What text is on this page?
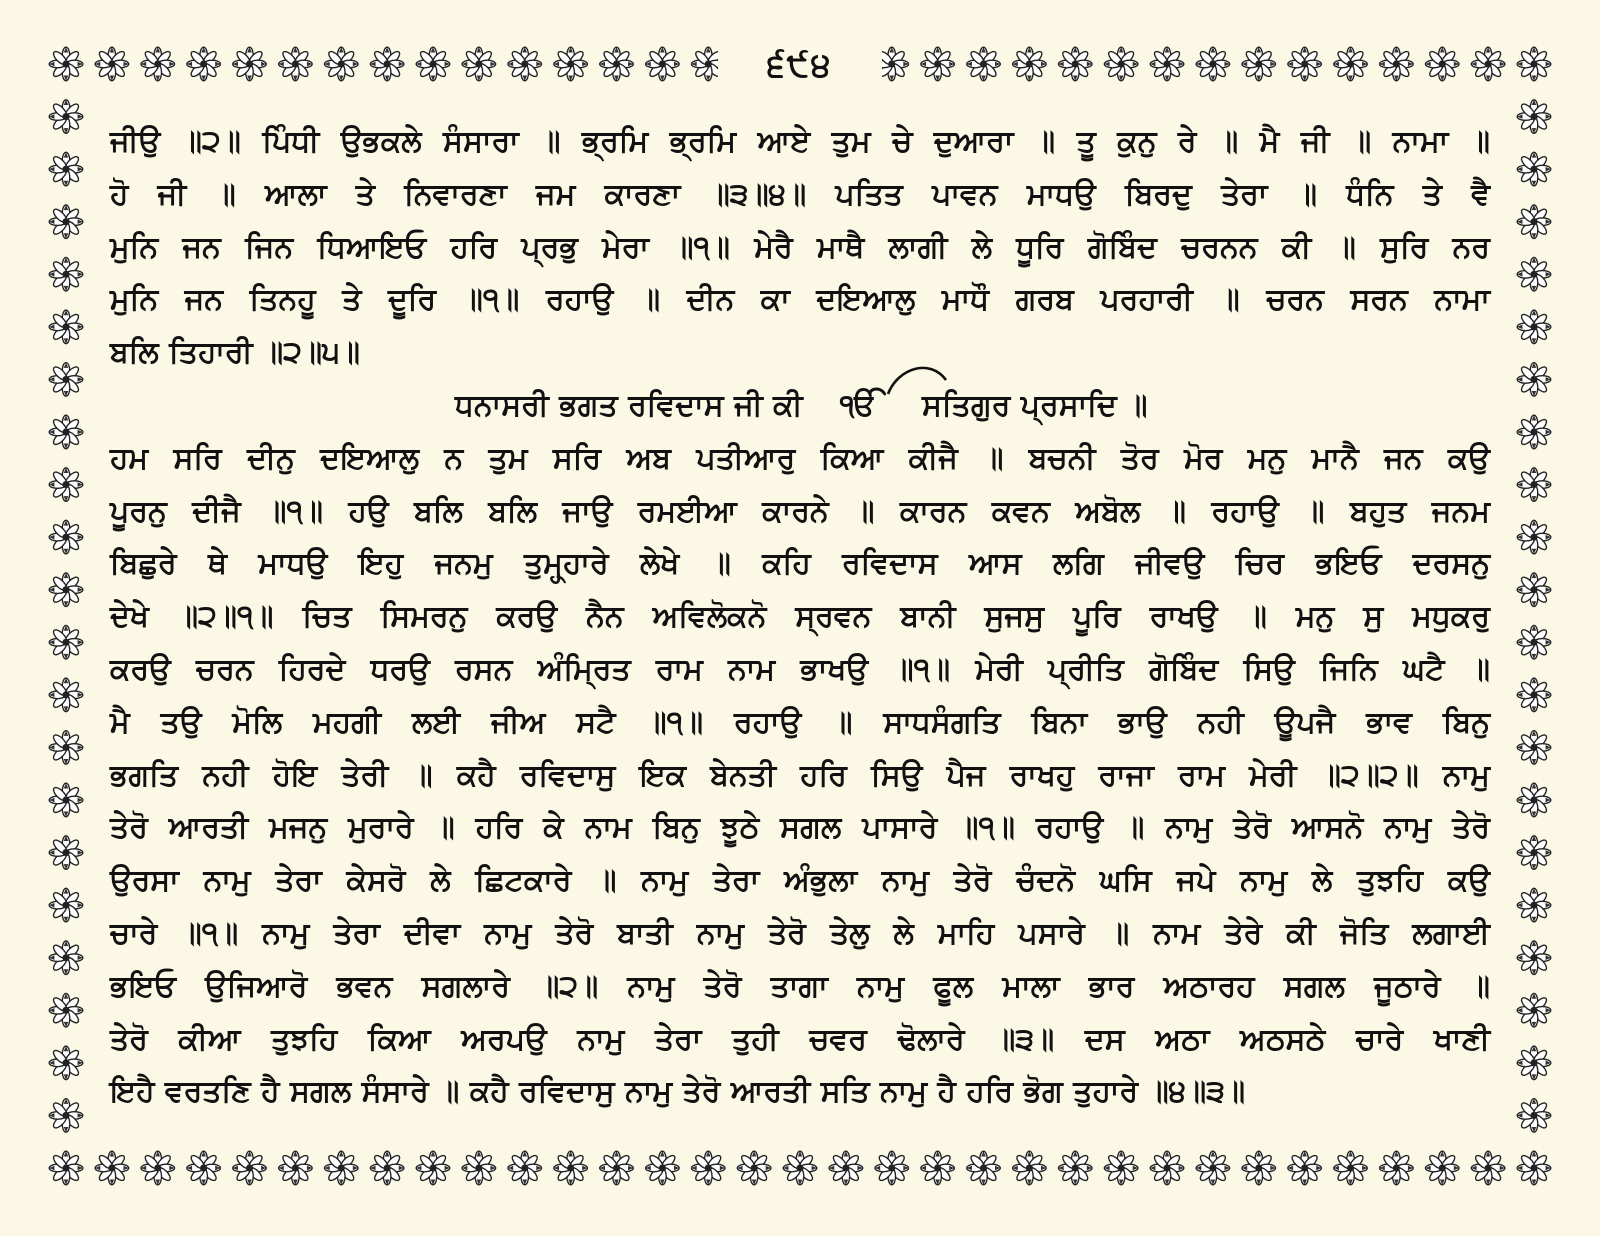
੬੯੪
ਜੀਉ ॥੨॥ ਪਿੰਧੀ ਉਭਕਲੇ ਸੰਸਾਰਾ ॥ ਭ੍ਰਮਿ ਭ੍ਰਮਿ ਆਏ ਤੁਮ ਚੇ ਦੁਆਰਾ ॥ ਤੂ ਕੁਨੁ ਰੇ ॥ ਮੈ ਜੀ ॥ ਨਾਮਾ ॥
ਹੋ ਜੀ ॥ ਆਲਾ ਤੇ ਨਿਵਾਰਣਾ ਜਮ ਕਾਰਣਾ ॥੩॥੪॥ ਪਤਿਤ ਪਾਵਨ ਮਾਧਉ ਬਿਰਦੁ ਤੇਰਾ ॥ ਧੰਨਿ ਤੇ ਵੈ
ਮੁਨਿ ਜਨ ਜਿਨ ਧਿਆਇਓ ਹਰਿ ਪ੍ਰਭੁ ਮੇਰਾ ॥੧॥ ਮੇਰੈ ਮਾਥੈ ਲਾਗੀ ਲੇ ਧੂਰਿ ਗੋਬਿੰਦ ਚਰਨਨ ਕੀ ॥ ਸੁਰਿ ਨਰ
ਮੁਨਿ ਜਨ ਤਿਨਹੂ ਤੇ ਦੂਰਿ ॥੧॥ ਰਹਾਉ ॥ ਦੀਨ ਕਾ ਦਇਆਲੁ ਮਾਧੌ ਗਰਬ ਪਰਹਾਰੀ ॥ ਚਰਨ ਸਰਨ ਨਾਮਾ
ਬਲਿ ਤਿਹਾਰੀ ॥੨॥੫॥
ਧਨਾਸਰੀ ਭਗਤ ਰਵਿਦਾਸ ਜੀ ਕੀ ੴ ਸਤਿਗੁਰ ਪ੍ਰਸਾਦਿ ॥
ਹਮ ਸਰਿ ਦੀਨੁ ਦਇਆਲੁ ਨ ਤੁਮ ਸਰਿ ਅਬ ਪਤੀਆਰੁ ਕਿਆ ਕੀਜੈ ॥ ਬਚਨੀ ਤੋਰ ਮੋਰ ਮਨੁ ਮਾਨੈ ਜਨ ਕਉ
ਪੂਰਨੁ ਦੀਜੈ ॥੧॥ ਹਉ ਬਲਿ ਬਲਿ ਜਾਉ ਰਮਈਆ ਕਾਰਨੇ ॥ ਕਾਰਨ ਕਵਨ ਅਬੋਲ ॥ ਰਹਾਉ ॥ ਬਹੁਤ ਜਨਮ
ਬਿਛੁਰੇ ਥੇ ਮਾਧਉ ਇਹੁ ਜਨਮੁ ਤੁਮ੍ਹ੍ਹਾਰੇ ਲੇਖੇ ॥ ਕਹਿ ਰਵਿਦਾਸ ਆਸ ਲਗਿ ਜੀਵਉ ਚਿਰ ਭਇਓ ਦਰਸਨੁ
ਦੇਖੇ ॥੨॥੧॥ ਚਿਤ ਸਿਮਰਨੁ ਕਰਉ ਨੈਨ ਅਵਿਲੋਕਨੋ ਸ੍ਰਵਨ ਬਾਨੀ ਸੁਜਸੁ ਪੂਰਿ ਰਾਖਉ ॥ ਮਨੁ ਸੁ ਮਧੁਕਰੁ
ਕਰਉ ਚਰਨ ਹਿਰਦੇ ਧਰਉ ਰਸਨ ਅੰਮ੍ਰਿਤ ਰਾਮ ਨਾਮ ਭਾਖਉ ॥੧॥ ਮੇਰੀ ਪ੍ਰੀਤਿ ਗੋਬਿੰਦ ਸਿਉ ਜਿਨਿ ਘਟੈ ॥
ਮੈ ਤਉ ਮੋਲਿ ਮਹਗੀ ਲਈ ਜੀਅ ਸਟੈ ॥੧॥ ਰਹਾਉ ॥ ਸਾਧਸੰਗਤਿ ਬਿਨਾ ਭਾਉ ਨਹੀ ਊਪਜੈ ਭਾਵ ਬਿਨੁ
ਭਗਤਿ ਨਹੀ ਹੋਇ ਤੇਰੀ ॥ ਕਹੈ ਰਵਿਦਾਸੁ ਇਕ ਬੇਨਤੀ ਹਰਿ ਸਿਉ ਪੈਜ ਰਾਖਹੁ ਰਾਜਾ ਰਾਮ ਮੇਰੀ ॥੨॥੨॥ ਨਾਮੁ
ਤੇਰੋ ਆਰਤੀ ਮਜਨੁ ਮੁਰਾਰੇ ॥ ਹਰਿ ਕੇ ਨਾਮ ਬਿਨੁ ਝੂਠੇ ਸਗਲ ਪਾਸਾਰੇ ॥੧॥ ਰਹਾਉ ॥ ਨਾਮੁ ਤੇਰੋ ਆਸਨੋ ਨਾਮੁ ਤੇਰੋ
ਉਰਸਾ ਨਾਮੁ ਤੇਰਾ ਕੇਸਰੋ ਲੇ ਛਿਟਕਾਰੇ ॥ ਨਾਮੁ ਤੇਰਾ ਅੰਭੁਲਾ ਨਾਮੁ ਤੇਰੋ ਚੰਦਨੋ ਘਸਿ ਜਪੇ ਨਾਮੁ ਲੇ ਤੁਝਹਿ ਕਉ
ਚਾਰੇ ॥੧॥ ਨਾਮੁ ਤੇਰਾ ਦੀਵਾ ਨਾਮੁ ਤੇਰੋ ਬਾਤੀ ਨਾਮੁ ਤੇਰੋ ਤੇਲੁ ਲੇ ਮਾਹਿ ਪਸਾਰੇ ॥ ਨਾਮ ਤੇਰੇ ਕੀ ਜੋਤਿ ਲਗਾਈ
ਭਇਓ ਉਜਿਆਰੋ ਭਵਨ ਸਗਲਾਰੇ ॥੨॥ ਨਾਮੁ ਤੇਰੋ ਤਾਗਾ ਨਾਮੁ ਫੂਲ ਮਾਲਾ ਭਾਰ ਅਠਾਰਹ ਸਗਲ ਜੂਠਾਰੇ ॥
ਤੇਰੋ ਕੀਆ ਤੁਝਹਿ ਕਿਆ ਅਰਪਉ ਨਾਮੁ ਤੇਰਾ ਤੁਹੀ ਚਵਰ ਢੋਲਾਰੇ ॥੩॥ ਦਸ ਅਠਾ ਅਠਸਠੇ ਚਾਰੇ ਖਾਣੀ
ਇਹੈ ਵਰਤਣਿ ਹੈ ਸਗਲ ਸੰਸਾਰੇ ॥ ਕਹੈ ਰਵਿਦਾਸੁ ਨਾਮੁ ਤੇਰੋ ਆਰਤੀ ਸਤਿ ਨਾਮੁ ਹੈ ਹਰਿ ਭੋਗ ਤੁਹਾਰੇ ॥੪॥੩॥
